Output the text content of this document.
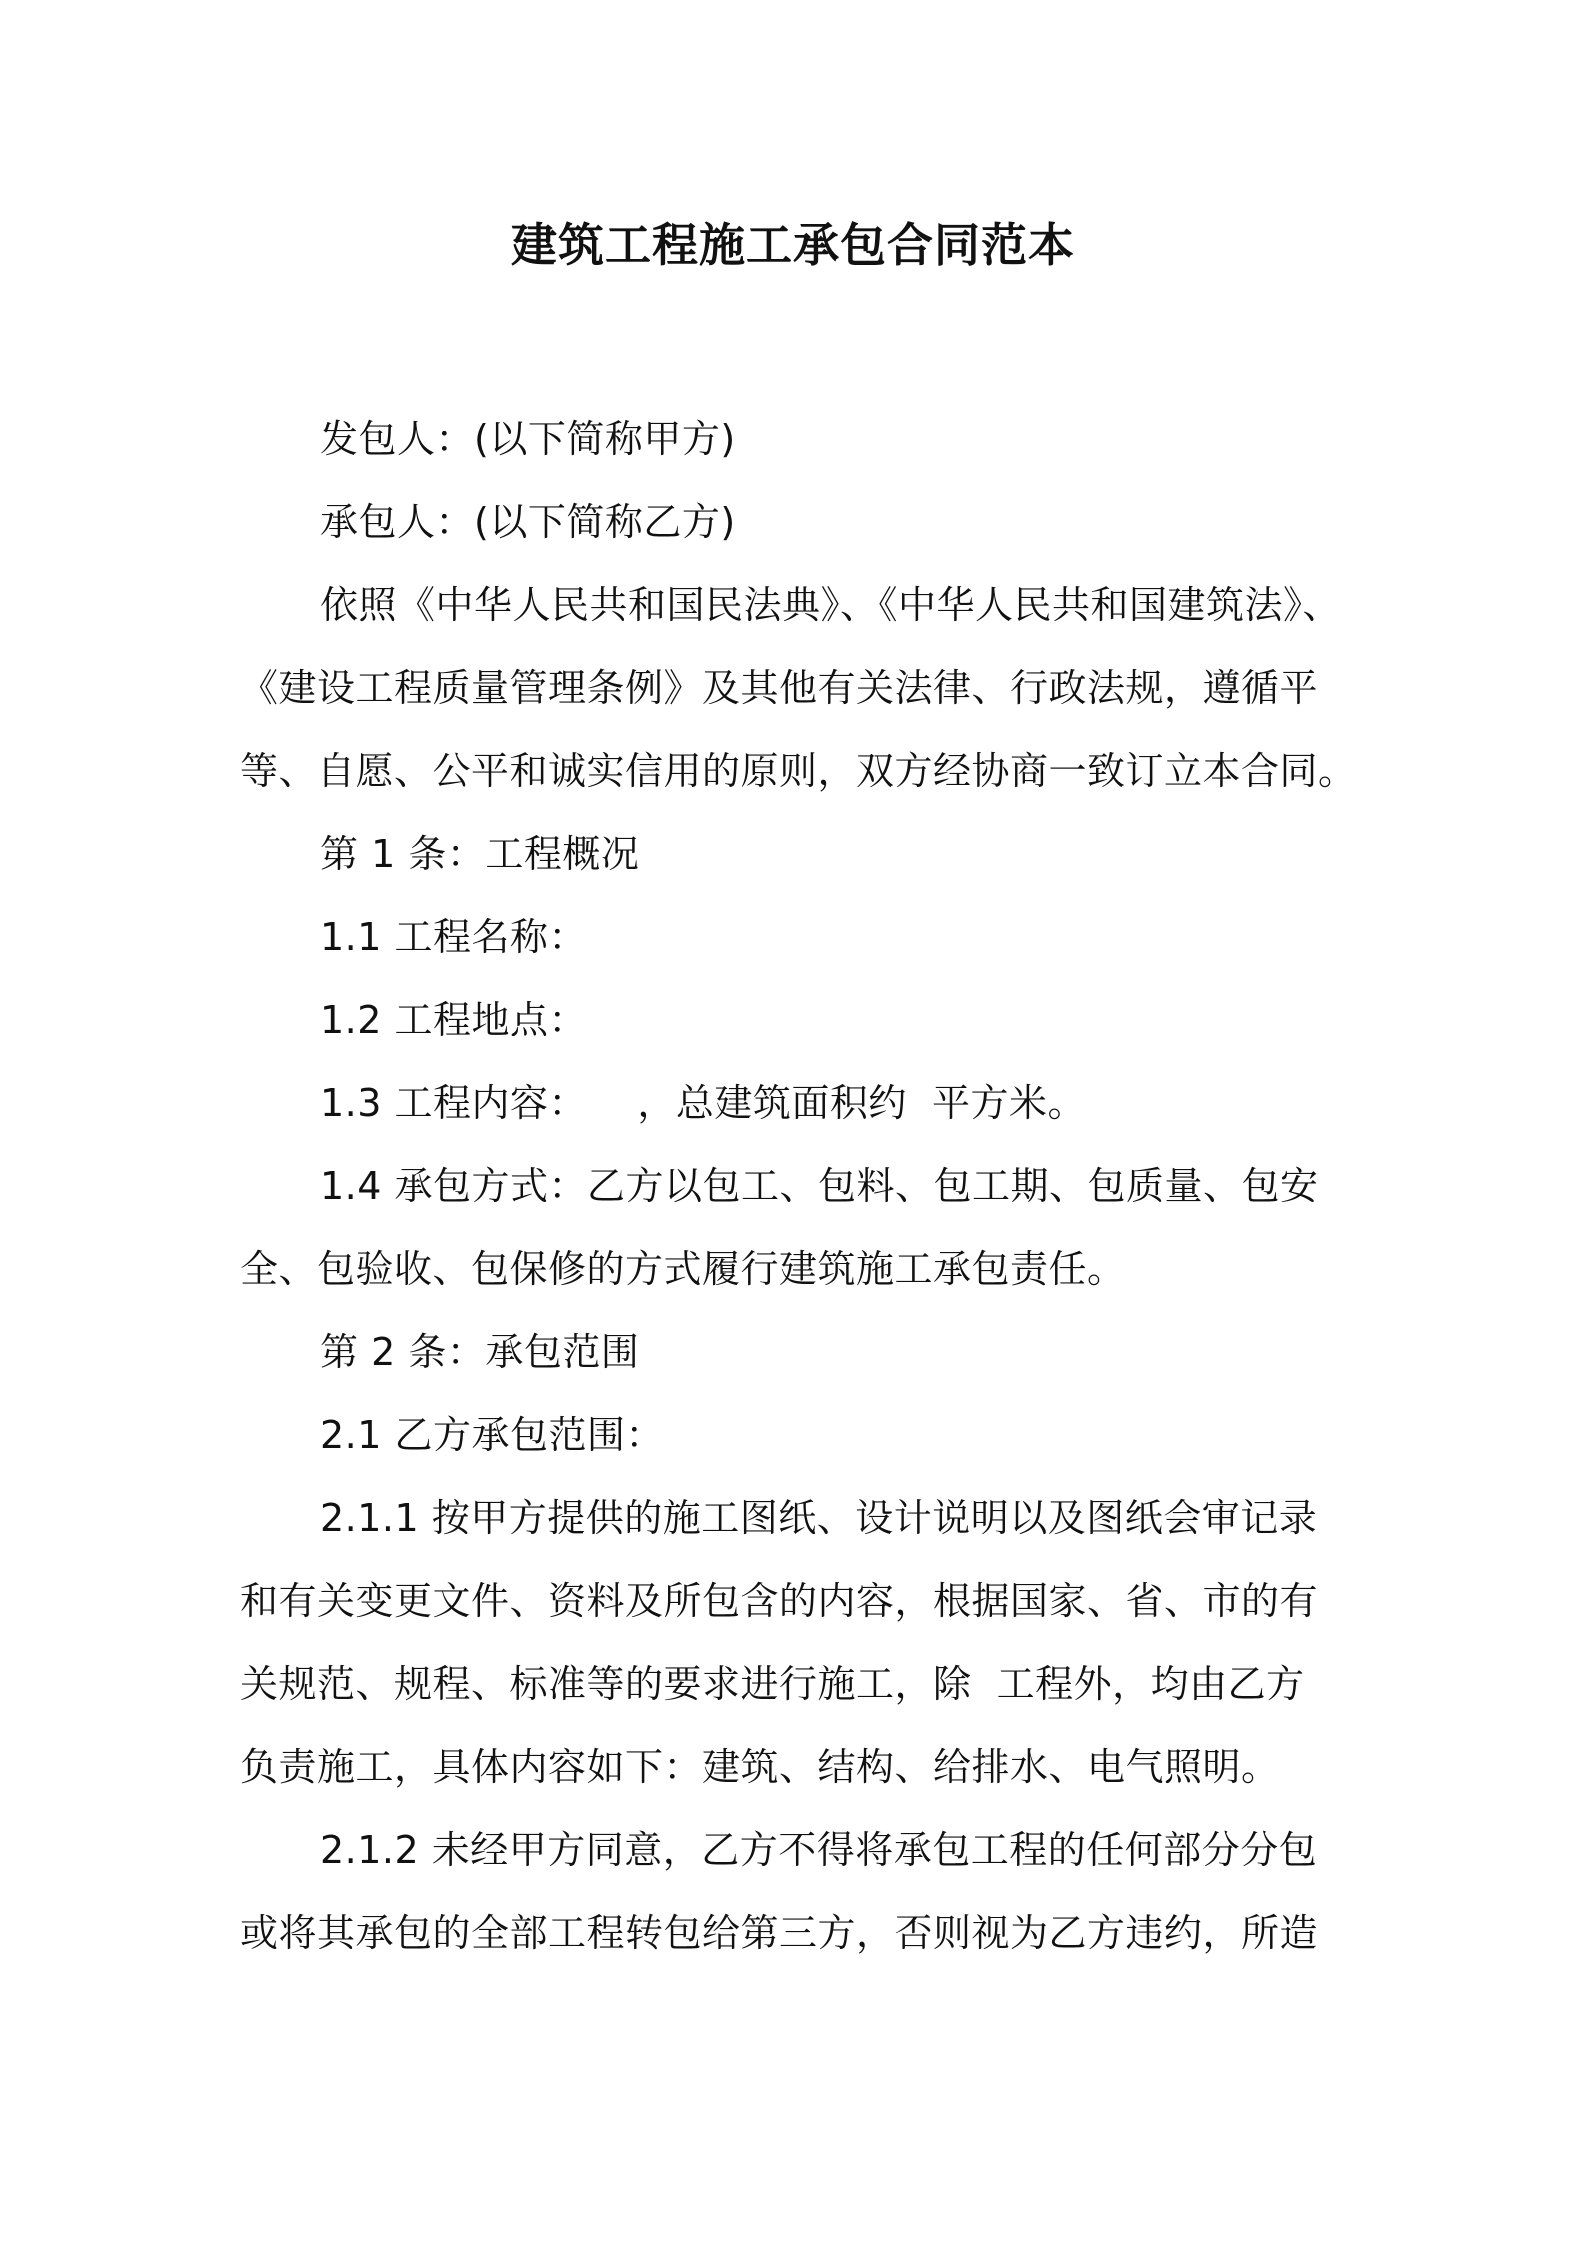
建筑工程施工承包合同范本

发包人：(以下简称甲方)

承包人：(以下简称乙方)

依照《中华人民共和国民法典》、《中华人民共和国建筑法》、

《建设工程质量管理条例》及其他有关法律、行政法规，遵循平

等、自愿、公平和诚实信用的原则，双方经协商一致订立本合同。

第 1 条：工程概况

1.1 工程名称：

1.2 工程地点：

1.3 工程内容：    ，总建筑面积约  平方米。

1.4 承包方式：乙方以包工、包料、包工期、包质量、包安

全、包验收、包保修的方式履行建筑施工承包责任。

第 2 条：承包范围

2.1 乙方承包范围：

2.1.1 按甲方提供的施工图纸、设计说明以及图纸会审记录

和有关变更文件、资料及所包含的内容，根据国家、省、市的有

关规范、规程、标准等的要求进行施工，除  工程外，均由乙方

负责施工，具体内容如下：建筑、结构、给排水、电气照明。

2.1.2 未经甲方同意，乙方不得将承包工程的任何部分分包

或将其承包的全部工程转包给第三方，否则视为乙方违约，所造
